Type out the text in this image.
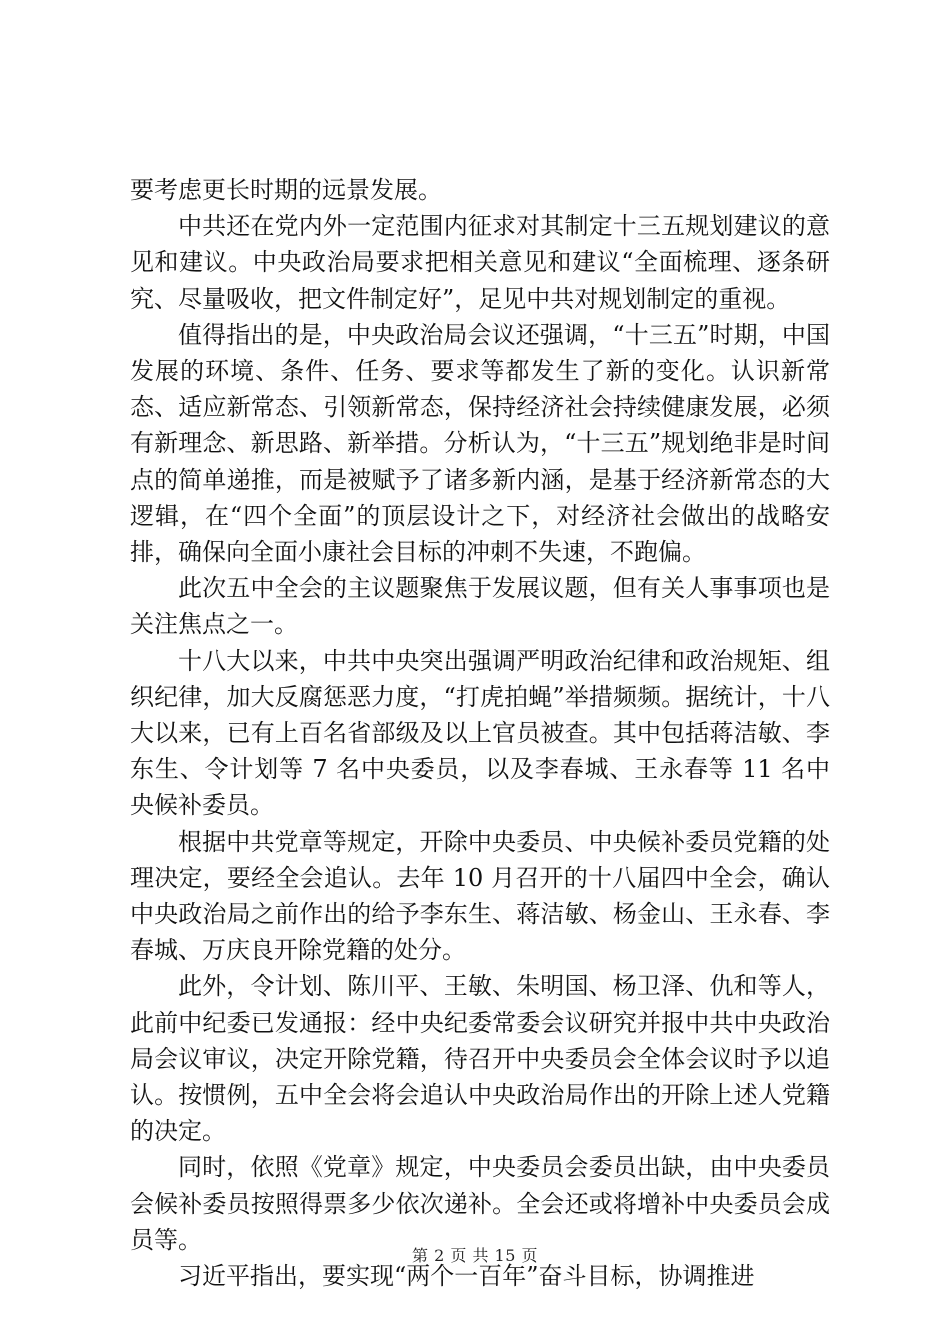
要考虑更长时期的远景发展。

中共还在党内外一定范围内征求对其制定十三五规划建议的意见和建议。中央政治局要求把相关意见和建议“全面梳理、逐条研究、尽量吸收，把文件制定好”，足见中共对规划制定的重视。

值得指出的是，中央政治局会议还强调，“十三五”时期，中国发展的环境、条件、任务、要求等都发生了新的变化。认识新常态、适应新常态、引领新常态，保持经济社会持续健康发展，必须有新理念、新思路、新举措。分析认为，“十三五”规划绝非是时间点的简单递推，而是被赋予了诸多新内涵，是基于经济新常态的大逻辑，在“四个全面”的顶层设计之下，对经济社会做出的战略安排，确保向全面小康社会目标的冲刺不失速，不跑偏。

此次五中全会的主议题聚焦于发展议题，但有关人事事项也是关注焦点之一。

十八大以来，中共中央突出强调严明政治纪律和政治规矩、组织纪律，加大反腐惩恶力度，“打虎拍蝇”举措频频。据统计，十八大以来，已有上百名省部级及以上官员被查。其中包括蒋洁敏、李东生、令计划等 7 名中央委员，以及李春城、王永春等 11 名中央候补委员。

根据中共党章等规定，开除中央委员、中央候补委员党籍的处理决定，要经全会追认。去年 10 月召开的十八届四中全会，确认中央政治局之前作出的给予李东生、蒋洁敏、杨金山、王永春、李春城、万庆良开除党籍的处分。

此外，令计划、陈川平、王敏、朱明国、杨卫泽、仇和等人，此前中纪委已发通报：经中央纪委常委会议研究并报中共中央政治局会议审议，决定开除党籍，待召开中央委员会全体会议时予以追认。按惯例，五中全会将会追认中央政治局作出的开除上述人党籍的决定。

同时，依照《党章》规定，中央委员会委员出缺，由中央委员会候补委员按照得票多少依次递补。全会还或将增补中央委员会成员等。

习近平指出，要实现“两个一百年”奋斗目标，协调推进

第 2 页 共 15 页
